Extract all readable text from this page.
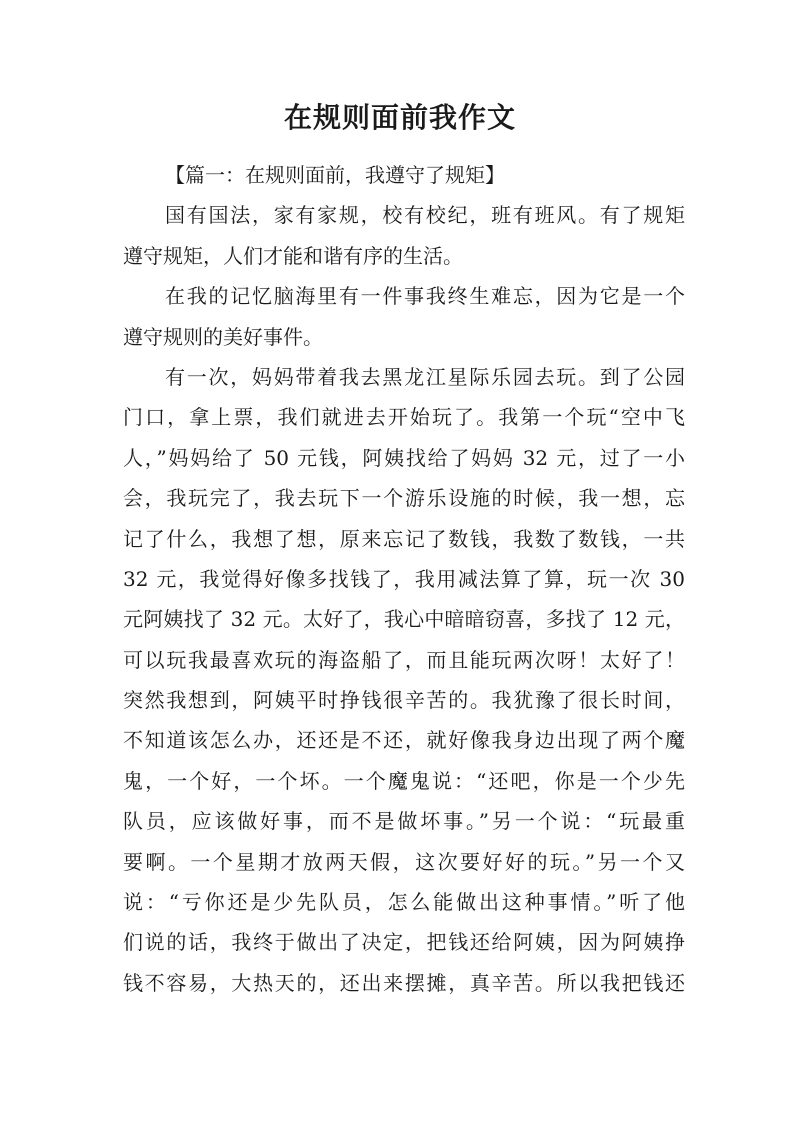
在规则面前我作文
【篇一：在规则面前，我遵守了规矩】
国有国法，家有家规，校有校纪，班有班风。有了规矩
遵守规矩，人们才能和谐有序的生活。
在我的记忆脑海里有一件事我终生难忘，因为它是一个
遵守规则的美好事件。
有一次，妈妈带着我去黑龙江星际乐园去玩。到了公园
门口，拿上票，我们就进去开始玩了。我第一个玩“空中飞
人，”妈妈给了 50 元钱，阿姨找给了妈妈 32 元，过了一小
会，我玩完了，我去玩下一个游乐设施的时候，我一想，忘
记了什么，我想了想，原来忘记了数钱，我数了数钱，一共
32 元，我觉得好像多找钱了，我用减法算了算，玩一次 30
元阿姨找了 32 元。太好了，我心中暗暗窃喜，多找了 12 元，
可以玩我最喜欢玩的海盗船了，而且能玩两次呀！太好了！
突然我想到，阿姨平时挣钱很辛苦的。我犹豫了很长时间，
不知道该怎么办，还还是不还，就好像我身边出现了两个魔
鬼，一个好，一个坏。一个魔鬼说：“还吧，你是一个少先
队员，应该做好事，而不是做坏事。”另一个说：“玩最重
要啊。一个星期才放两天假，这次要好好的玩。”另一个又
说：“亏你还是少先队员，怎么能做出这种事情。”听了他
们说的话，我终于做出了决定，把钱还给阿姨，因为阿姨挣
钱不容易，大热天的，还出来摆摊，真辛苦。所以我把钱还
